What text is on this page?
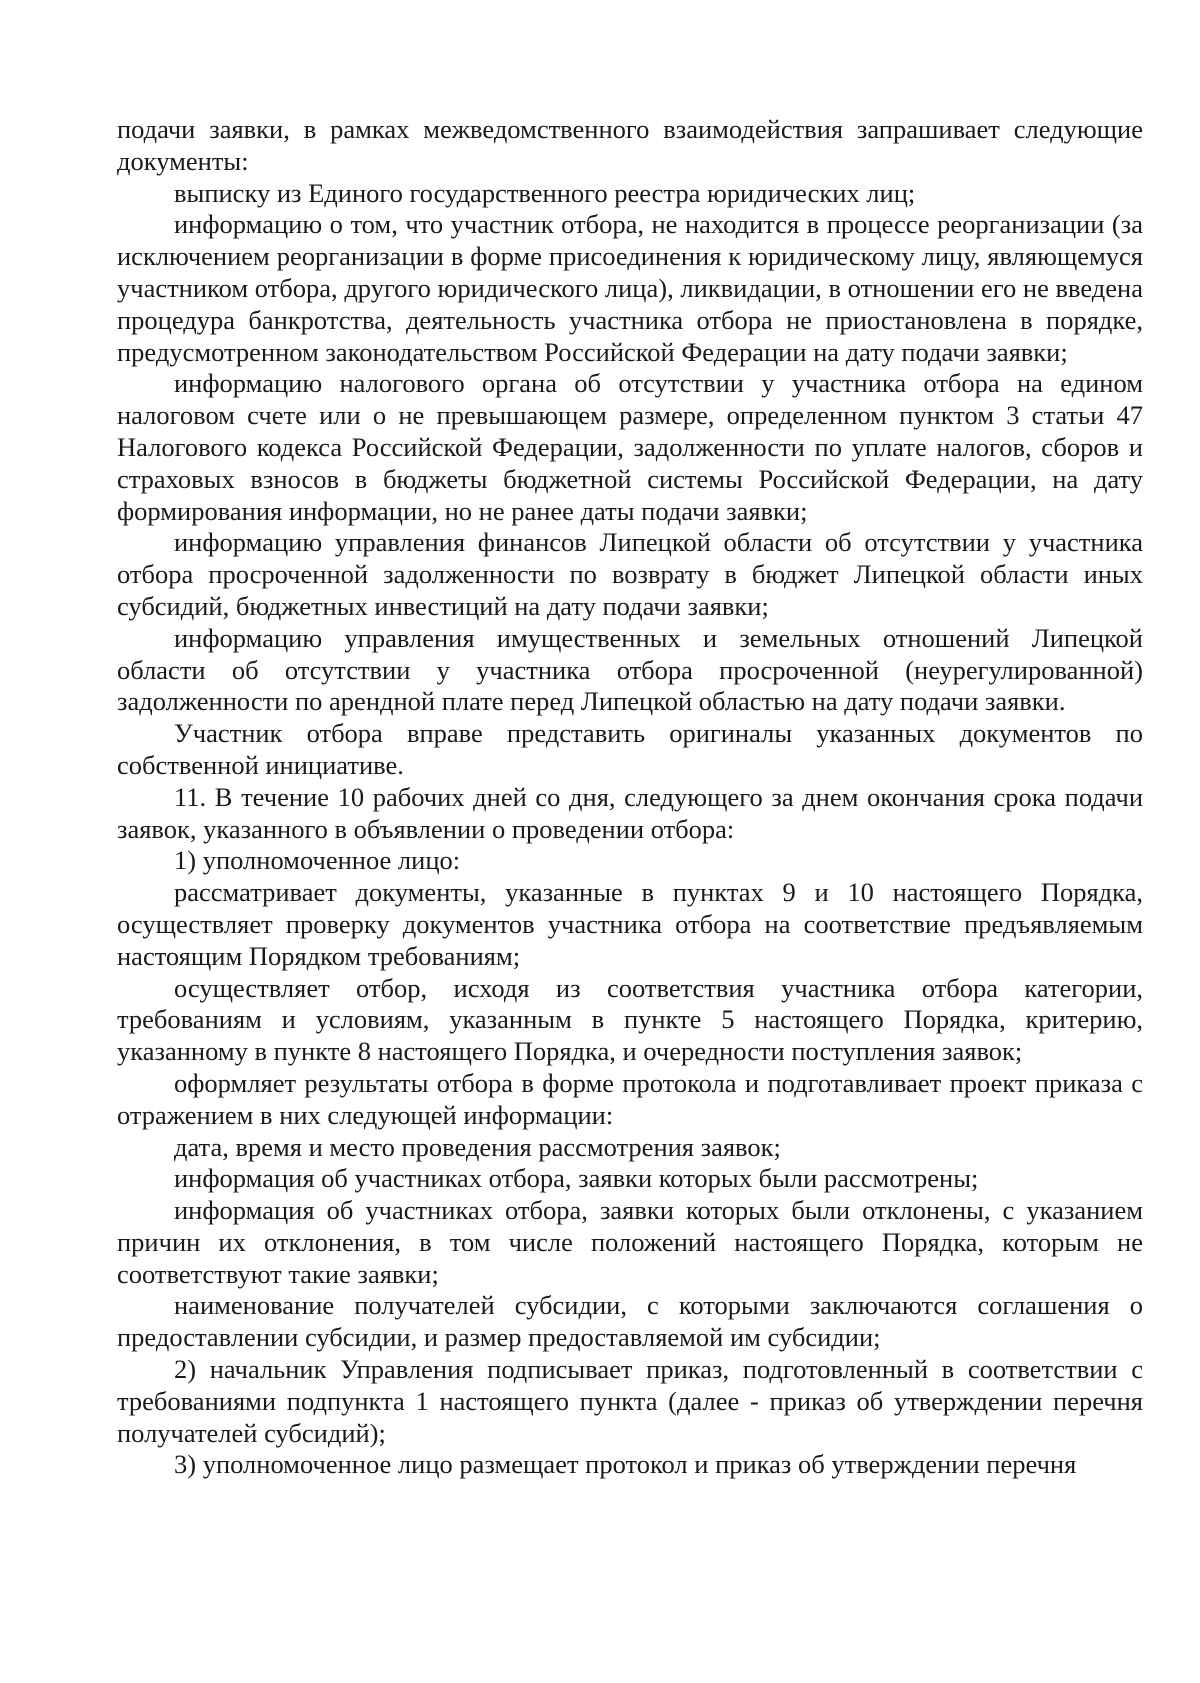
подачи заявки, в рамках межведомственного взаимодействия запрашивает следующие документы:

выписку из Единого государственного реестра юридических лиц;

информацию о том, что участник отбора, не находится в процессе реорганизации (за исключением реорганизации в форме присоединения к юридическому лицу, являющемуся участником отбора, другого юридического лица), ликвидации, в отношении его не введена процедура банкротства, деятельность участника отбора не приостановлена в порядке, предусмотренном законодательством Российской Федерации на дату подачи заявки;

информацию налогового органа об отсутствии у участника отбора на едином налоговом счете или о не превышающем размере, определенном пунктом 3 статьи 47 Налогового кодекса Российской Федерации, задолженности по уплате налогов, сборов и страховых взносов в бюджеты бюджетной системы Российской Федерации, на дату формирования информации, но не ранее даты подачи заявки;

информацию управления финансов Липецкой области об отсутствии у участника отбора просроченной задолженности по возврату в бюджет Липецкой области иных субсидий, бюджетных инвестиций на дату подачи заявки;

информацию управления имущественных и земельных отношений Липецкой области об отсутствии у участника отбора просроченной (неурегулированной) задолженности по арендной плате перед Липецкой областью на дату подачи заявки.

Участник отбора вправе представить оригиналы указанных документов по собственной инициативе.

11. В течение 10 рабочих дней со дня, следующего за днем окончания срока подачи заявок, указанного в объявлении о проведении отбора:

1) уполномоченное лицо:

рассматривает документы, указанные в пунктах 9 и 10 настоящего Порядка, осуществляет проверку документов участника отбора на соответствие предъявляемым настоящим Порядком требованиям;

осуществляет отбор, исходя из соответствия участника отбора категории, требованиям и условиям, указанным в пункте 5 настоящего Порядка, критерию, указанному в пункте 8 настоящего Порядка, и очередности поступления заявок;

оформляет результаты отбора в форме протокола и подготавливает проект приказа с отражением в них следующей информации:

дата, время и место проведения рассмотрения заявок;

информация об участниках отбора, заявки которых были рассмотрены;

информация об участниках отбора, заявки которых были отклонены, с указанием причин их отклонения, в том числе положений настоящего Порядка, которым не соответствуют такие заявки;

наименование получателей субсидии, с которыми заключаются соглашения о предоставлении субсидии, и размер предоставляемой им субсидии;

2) начальник Управления подписывает приказ, подготовленный в соответствии с требованиями подпункта 1 настоящего пункта (далее - приказ об утверждении перечня получателей субсидий);

3) уполномоченное лицо размещает протокол и приказ об утверждении перечня
